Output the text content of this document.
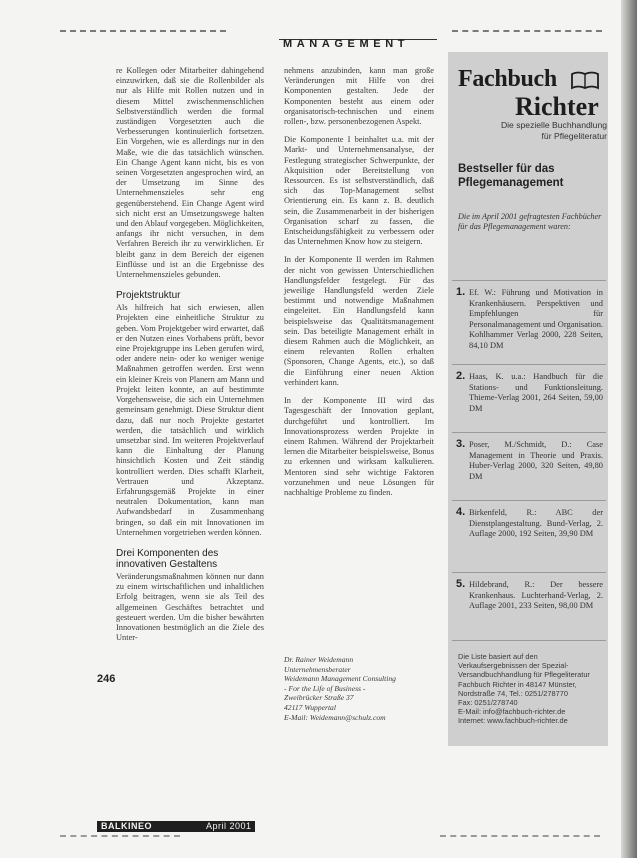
MANAGEMENT

re Kollegen oder Mitarbeiter dahingehend einzuwirken, daß sie die Rollenbilder als nur als Hilfe mit Rollen nutzen und in diesem Mittel zwischenmenschlichen Selbstverständlich werden die formal zuständigen Vorgesetzten auch die Verbesserungen kontinuierlich fortsetzen. Ein Vorgehen, wie es allerdings nur in den Maße, wie die das tatsächlich wünschen. Ein Change Agent kann nicht, bis es von seinen Vorgesetzten angesprochen wird, an der Umsetzung im Sinne des Unternehmenszieles sehr eng gegenüberstehend. Ein Change Agent wird sich nicht erst an Umsetzungswege halten und den Ablauf vorgegeben. Möglichkeiten, anfangs ihr nicht versuchen, in dem Verfahren Bereich ihr zu verwirklichen. Er bleibt ganz in dem Bereich der eigenen Einflüsse und ist an die Ergebnisse des Unternehmenszieles gebunden.

Projektstruktur

Als hilfreich hat sich erwiesen, allen Projekten eine einheitliche Struktur zu geben. Vom Projektgeber wird erwartet, daß er den Nutzen eines Vorhabens prüft, bevor eine Projektgruppe ins Leben gerufen wird, oder andere nein- oder ko weniger wenige Maßnahmen getroffen werden. Erst wenn ein kleiner Kreis von Planern am Mann und Projekt leiten konnte, an auf bestimmte Vorgehensweise, die sich ein Unternehmen gemeinsam genehmigt. Diese Struktur dient dazu, daß nur noch Projekte gestartet werden, die tatsächlich und wirklich umsetzbar sind. Im weiteren Projektverlauf kann die Einhaltung der Planung hinsichtlich Kosten und Zeit ständig kontrolliert werden. Dies schafft Klarheit, Vertrauen und Akzeptanz. Erfahrungsgemäß Projekte in einer neutralen Dokumentation, kann man Aufwandsbedarf in Zusammenhang bringen, so daß ein mit Innovationen im Unternehmen vorgetrieben werden können.

Drei Komponenten des innovativen Gestaltens

Veränderungsmaßnahmen können nur dann zu einem wirtschaftlichen und inhaltlichen Erfolg beitragen, wenn sie als Teil des allgemeinen Geschäftes betrachtet und gesteuert werden. Um die bisher bewährten Innovationen bestmöglich an die Ziele des Unter-

nehmens anzubinden, kann man große Veränderungen mit Hilfe von drei Komponenten gestalten. Jede der Komponenten besteht aus einem oder organisatorisch-technischen und einem rollen-, bzw. personenbezogenen Aspekt.

Die Komponente I beinhaltet u.a. mit der Markt- und Unternehmensanalyse, der Festlegung strategischer Schwerpunkte, der Akquisition oder Bereitstellung von Ressourcen. Es ist selbstverständlich, daß sich das Top-Management selbst Orientierung ein. Es kann z. B. deutlich sein, die Zusammenarbeit in der bisherigen Organisation scharf zu fassen, die Entscheidungsfähigkeit zu verbessern oder das Unternehmen Know how zu steigern.

In der Komponente II werden im Rahmen der nicht von gewissen Unterschiedlichen Handlungsfelder festgelegt. Für das jeweilige Handlungsfeld werden Ziele bestimmt und notwendige Maßnahmen eingeleitet. Ein Handlungsfeld kann beispielsweise das Qualitätsmanagement sein. Das beteiligte Management erhält in diesem Rahmen auch die Möglichkeit, an einem relevanten Rollen erhalten (Sponsoren, Change Agents, etc.), so daß die Einführung einer neuen Aktion verhindert kann.

In der Komponente III wird das Tagesgeschäft der Innovation geplant, durchgeführt und kontrolliert. Im Innovationsprozess werden Projekte in einem Rahmen. Während der Projektarbeit lernen die Mitarbeiter beispielsweise, Bonus zu erkennen und wirksam kalkulieren. Mentoren sind sehr wichtige Faktoren vorzunehmen und neue Lösungen für nachhaltige Probleme zu finden.

Dr. Rainer Weidemann
Unternehmensberater
Weidemann Management Consulting
- For the Life of Business -
Zweibrücker Straße 37
42117 Wuppertal
E-Mail: Weidemann@schulz.com
246
BALKINEO	April 2001
Fachbuch
Richter
Die spezielle Buchhandlung
für Pflegeliteratur
Bestseller für das Pflegemanagement
Die im April 2001 gefragtesten Fachbücher für das Pflegemanagement waren:
1. Ef. W.: Führung und Motivation in Krankenhäusern. Perspektiven und Empfehlungen für Personalmanagement und Organisation. Kohlhammer Verlag 2000, 228 Seiten, 84,10 DM
2. Haas, K. u.a.: Handbuch für die Stations- und Funktionsleitung. Thieme-Verlag 2001, 264 Seiten, 59,00 DM
3. Poser, M./Schmidt, D.: Case Management in Theorie und Praxis. Huber-Verlag 2000, 320 Seiten, 49,80 DM
4. Birkenfeld, R.: ABC der Dienstplangestaltung. Bund-Verlag, 2. Auflage 2000, 192 Seiten, 39,90 DM
5. Hildebrand, R.: Der bessere Krankenhaus. Luchterhand-Verlag, 2. Auflage 2001, 233 Seiten, 98,00 DM
Die Liste basiert auf den Verkaufsergebnissen der Spezial-Versandbuchhandlung für Pflegeliteratur Fachbuch Richter in 48147 Münster,
Nordstraße 74, Tel.: 0251/278770
Fax: 0251/278740
E-Mail: info@fachbuch-richter.de
Internet: www.fachbuch-richter.de
